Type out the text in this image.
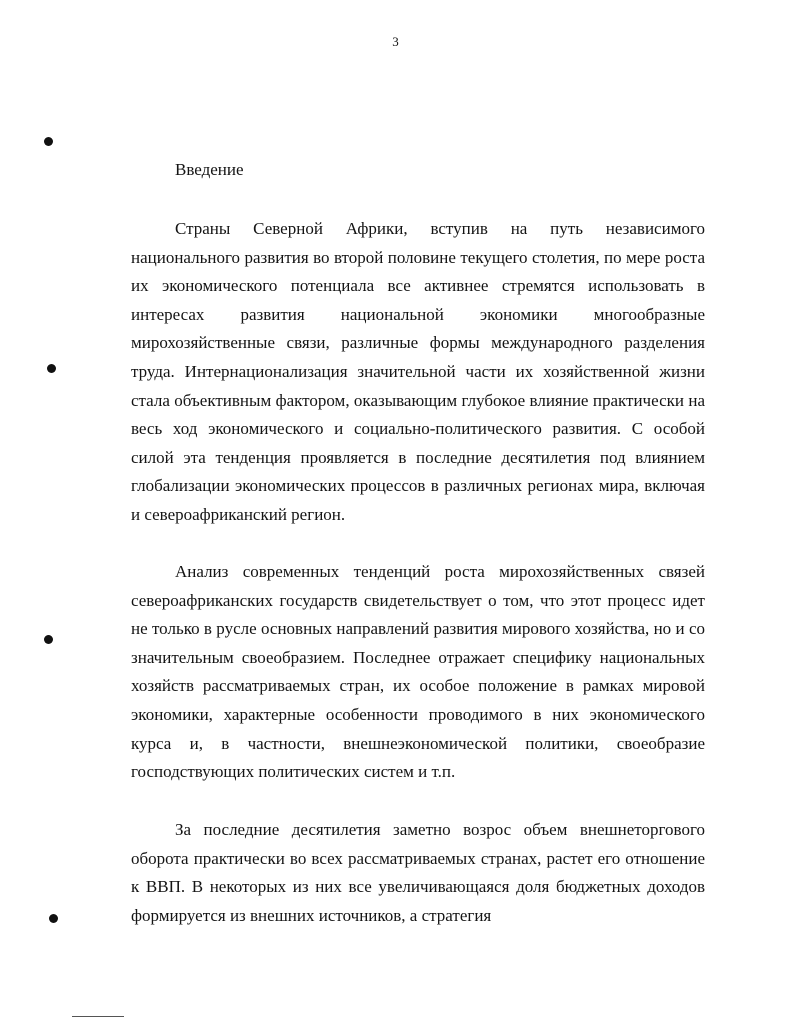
3
Введение

Страны Северной Африки, вступив на путь независимого национального развития во второй половине текущего столетия, по мере роста их экономического потенциала все активнее стремятся использовать в интересах развития национальной экономики многообразные мирохозяйственные связи, различные формы международного разделения труда. Интернационализация значительной части их хозяйственной жизни стала объективным фактором, оказывающим глубокое влияние практически на весь ход экономического и социально-политического развития. С особой силой эта тенденция проявляется в последние десятилетия под влиянием глобализации экономических процессов в различных регионах мира, включая и североафриканский регион.

Анализ современных тенденций роста мирохозяйственных связей североафриканских государств свидетельствует о том, что этот процесс идет не только в русле основных направлений развития мирового хозяйства, но и со значительным своеобразием. Последнее отражает специфику национальных хозяйств рассматриваемых стран, их особое положение в рамках мировой экономики, характерные особенности проводимого в них экономического курса и, в частности, внешнеэкономической политики, своеобразие господствующих политических систем и т.п.

За последние десятилетия заметно возрос объем внешнеторгового оборота практически во всех рассматриваемых странах, растет его отношение к ВВП. В некоторых из них все увеличивающаяся доля бюджетных доходов формируется из внешних источников, а стратегия
